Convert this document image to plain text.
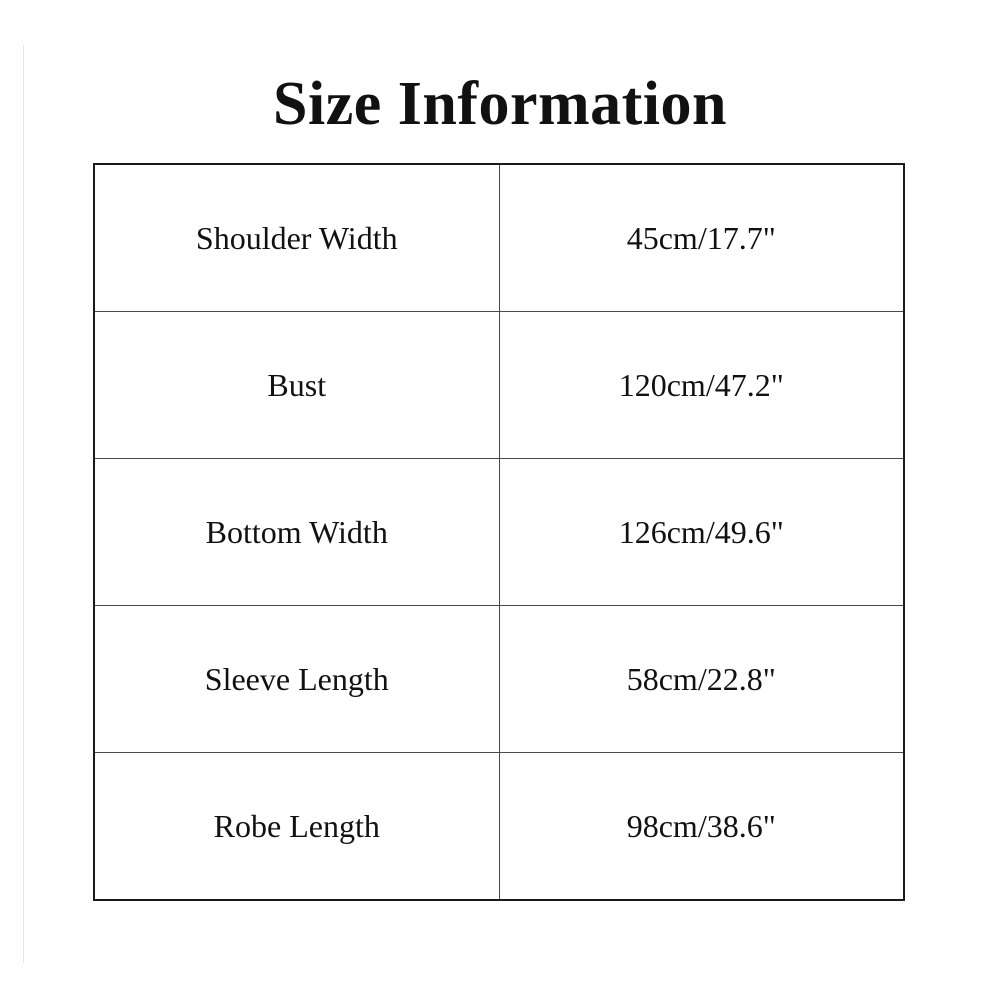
Size Information
Shoulder Width	45cm/17.7"
Bust	120cm/47.2"
Bottom Width	126cm/49.6"
Sleeve Length	58cm/22.8"
Robe Length	98cm/38.6"
